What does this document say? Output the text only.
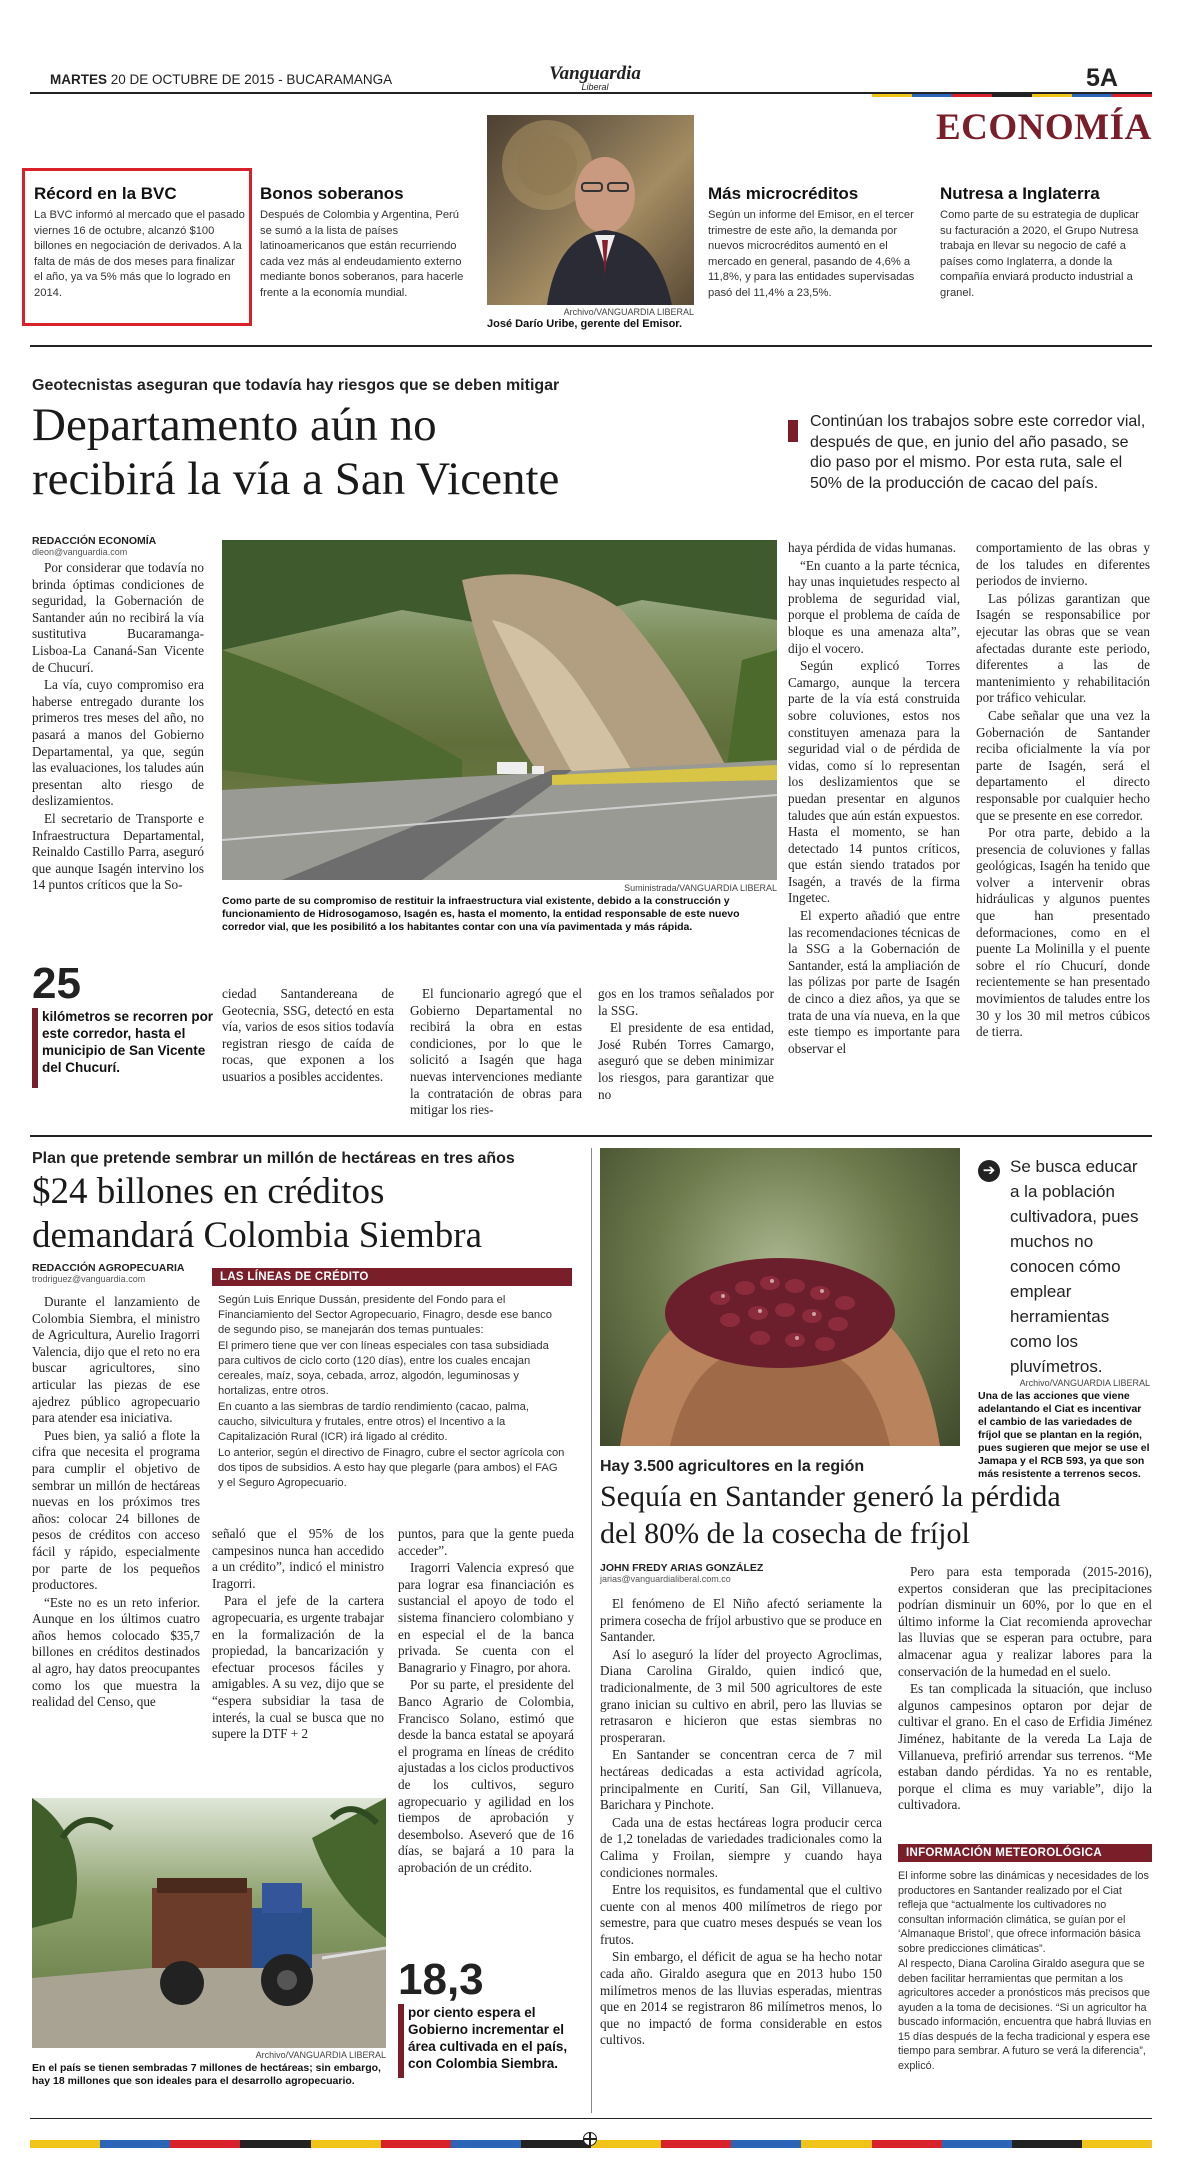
MARTES 20 DE OCTUBRE DE 2015 - BUCARAMANGA	Vanguardia
Liberal	5A
ECONOMÍA
Récord en la BVC

La BVC informó al mercado que el pasado viernes 16 de octubre, alcanzó $100 billones en negociación de derivados. A la falta de más de dos meses para finalizar el año, ya va 5% más que lo logrado en 2014.

Bonos soberanos

Después de Colombia y Argentina, Perú se sumó a la lista de países latinoamericanos que están recurriendo cada vez más al endeudamiento externo mediante bonos soberanos, para hacerle frente a la economía mundial.

Archivo/VANGUARDIA LIBERAL
José Darío Uribe, gerente del Emisor.
Más microcréditos

Según un informe del Emisor, en el tercer trimestre de este año, la demanda por nuevos microcréditos aumentó en el mercado en general, pasando de 4,6% a 11,8%, y para las entidades supervisadas pasó del 11,4% a 23,5%.

Nutresa a Inglaterra

Como parte de su estrategia de duplicar su facturación a 2020, el Grupo Nutresa trabaja en llevar su negocio de café a países como Inglaterra, a donde la compañía enviará producto industrial a granel.

Geotecnistas aseguran que todavía hay riesgos que se deben mitigar
Departamento aún no
recibirá la vía a San Vicente
Continúan los trabajos sobre este corredor vial, después de que, en junio del año pasado, se dio paso por el mismo. Por esta ruta, sale el 50% de la producción de cacao del país.
REDACCIÓN ECONOMÍA
dleon@vanguardia.com

Por considerar que todavía no brinda óptimas condiciones de seguridad, la Gobernación de Santander aún no recibirá la vía sustitutiva Bucaramanga-Lisboa-La Cananá-San Vicente de Chucurí.

La vía, cuyo compromiso era haberse entregado durante los primeros tres meses del año, no pasará a manos del Gobierno Departamental, ya que, según las evaluaciones, los taludes aún presentan alto riesgo de deslizamientos.

El secretario de Transporte e Infraestructura Departamental, Reinaldo Castillo Parra, aseguró que aunque Isagén intervino los 14 puntos críticos que la So-	Suministrada/VANGUARDIA LIBERAL
Como parte de su compromiso de restituir la infraestructura vial existente, debido a la construcción y funcionamiento de Hidrosogamoso, Isagén es, hasta el momento, la entidad responsable de este nuevo corredor vial, que les posibilitó a los habitantes contar con una vía pavimentada y más rápida.
25
kilómetros se recorren por este corredor, hasta el municipio de San Vicente del Chucurí.

ciedad Santandereana de Geotecnia, SSG, detectó en esta vía, varios de esos sitios todavía registran riesgo de caída de rocas, que exponen a los usuarios a posibles accidentes.

El funcionario agregó que el Gobierno Departamental no recibirá la obra en estas condiciones, por lo que le solicitó a Isagén que haga nuevas intervenciones mediante la contratación de obras para mitigar los ries-

gos en los tramos señalados por la SSG.

El presidente de esa entidad, José Rubén Torres Camargo, aseguró que se deben minimizar los riesgos, para garantizar que no

haya pérdida de vidas humanas.

“En cuanto a la parte técnica, hay unas inquietudes respecto al problema de seguridad vial, porque el problema de caída de bloque es una amenaza alta”, dijo el vocero.

Según explicó Torres Camargo, aunque la tercera parte de la vía está construida sobre coluviones, estos nos constituyen amenaza para la seguridad vial o de pérdida de vidas, como sí lo representan los deslizamientos que se puedan presentar en algunos taludes que aún están expuestos. Hasta el momento, se han detectado 14 puntos críticos, que están siendo tratados por Isagén, a través de la firma Ingetec.

El experto añadió que entre las recomendaciones técnicas de la SSG a la Gobernación de Santander, está la ampliación de las pólizas por parte de Isagén de cinco a diez años, ya que se trata de una vía nueva, en la que este tiempo es importante para observar el

comportamiento de las obras y de los taludes en diferentes periodos de invierno.

Las pólizas garantizan que Isagén se responsabilice por ejecutar las obras que se vean afectadas durante este periodo, diferentes a las de mantenimiento y rehabilitación por tráfico vehicular.

Cabe señalar que una vez la Gobernación de Santander reciba oficialmente la vía por parte de Isagén, será el departamento el directo responsable por cualquier hecho que se presente en ese corredor.

Por otra parte, debido a la presencia de coluviones y fallas geológicas, Isagén ha tenido que volver a intervenir obras hidráulicas y algunos puentes que han presentado deformaciones, como en el puente La Molinilla y el puente sobre el río Chucurí, donde recientemente se han presentado movimientos de taludes entre los 30 y los 30 mil metros cúbicos de tierra.

Plan que pretende sembrar un millón de hectáreas en tres años
$24 billones en créditos
demandará Colombia Siembra
REDACCIÓN AGROPECUARIA
trodriguez@vanguardia.com

Durante el lanzamiento de Colombia Siembra, el ministro de Agricultura, Aurelio Iragorri Valencia, dijo que el reto no era buscar agricultores, sino articular las piezas de ese ajedrez público agropecuario para atender esa iniciativa.

Pues bien, ya salió a flote la cifra que necesita el programa para cumplir el objetivo de sembrar un millón de hectáreas nuevas en los próximos tres años: colocar 24 billones de pesos de créditos con acceso fácil y rápido, especialmente por parte de los pequeños productores.

“Este no es un reto inferior. Aunque en los últimos cuatro años hemos colocado $35,7 billones en créditos destinados al agro, hay datos preocupantes como los que muestra la realidad del Censo, que

LAS LÍNEAS DE CRÉDITO

Según Luis Enrique Dussán, presidente del Fondo para el Financiamiento del Sector Agropecuario, Finagro, desde ese banco de segundo piso, se manejarán dos temas puntuales:

El primero tiene que ver con líneas especiales con tasa subsidiada para cultivos de ciclo corto (120 días), entre los cuales encajan cereales, maíz, soya, cebada, arroz, algodón, leguminosas y hortalizas, entre otros.

En cuanto a las siembras de tardío rendimiento (cacao, palma, caucho, silvicultura y frutales, entre otros) el Incentivo a la Capitalización Rural (ICR) irá ligado al crédito.

Lo anterior, según el directivo de Finagro, cubre el sector agrícola con dos tipos de subsidios. A esto hay que plegarle (para ambos) el FAG y el Seguro Agropecuario.

señaló que el 95% de los campesinos nunca han accedido a un crédito”, indicó el ministro Iragorri.

Para el jefe de la cartera agropecuaria, es urgente trabajar en la formalización de la propiedad, la bancarización y efectuar procesos fáciles y amigables. A su vez, dijo que se “espera subsidiar la tasa de interés, la cual se busca que no supere la DTF + 2

puntos, para que la gente pueda acceder”.

Iragorri Valencia expresó que para lograr esa financiación es sustancial el apoyo de todo el sistema financiero colombiano y en especial el de la banca privada. Se cuenta con el Banagrario y Finagro, por ahora.

Por su parte, el presidente del Banco Agrario de Colombia, Francisco Solano, estimó que desde la banca estatal se apoyará el programa en líneas de crédito ajustadas a los ciclos productivos de los cultivos, seguro agropecuario y agilidad en los tiempos de aprobación y desembolso. Aseveró que de 16 días, se bajará a 10 para la aprobación de un crédito.

Archivo/VANGUARDIA LIBERAL
En el país se tienen sembradas 7 millones de hectáreas; sin embargo, hay 18 millones que son ideales para el desarrollo agropecuario.
18,3
por ciento espera el Gobierno incrementar el área cultivada en el país, con Colombia Siembra.
➔ Se busca educar a la población cultivadora, pues muchos no conocen cómo emplear herramientas como los pluvímetros.
Archivo/VANGUARDIA LIBERAL
Una de las acciones que viene adelantando el Ciat es incentivar el cambio de las variedades de fríjol que se plantan en la región, pues sugieren que mejor se use el Jamapa y el RCB 593, ya que son más resistente a terrenos secos.
Hay 3.500 agricultores en la región
Sequía en Santander generó la pérdida
del 80% de la cosecha de fríjol
JOHN FREDY ARIAS GONZÁLEZ
jarias@vanguardialiberal.com.co

El fenómeno de El Niño afectó seriamente la primera cosecha de fríjol arbustivo que se produce en Santander.

Así lo aseguró la líder del proyecto Agroclimas, Diana Carolina Giraldo, quien indicó que, tradicionalmente, de 3 mil 500 agricultores de este grano inician su cultivo en abril, pero las lluvias se retrasaron e hicieron que estas siembras no prosperaran.

En Santander se concentran cerca de 7 mil hectáreas dedicadas a esta actividad agrícola, principalmente en Curití, San Gil, Villanueva, Barichara y Pinchote.

Cada una de estas hectáreas logra producir cerca de 1,2 toneladas de variedades tradicionales como la Calima y Froilan, siempre y cuando haya condiciones normales.

Entre los requisitos, es fundamental que el cultivo cuente con al menos 400 milímetros de riego por semestre, para que cuatro meses después se vean los frutos.

Sin embargo, el déficit de agua se ha hecho notar cada año. Giraldo asegura que en 2013 hubo 150 milímetros menos de las lluvias esperadas, mientras que en 2014 se registraron 86 milímetros menos, lo que no impactó de forma considerable en estos cultivos.

Pero para esta temporada (2015-2016), expertos consideran que las precipitaciones podrían disminuir un 60%, por lo que en el último informe la Ciat recomienda aprovechar las lluvias que se esperan para octubre, para almacenar agua y realizar labores para la conservación de la humedad en el suelo.

Es tan complicada la situación, que incluso algunos campesinos optaron por dejar de cultivar el grano. En el caso de Erfidia Jiménez Jiménez, habitante de la vereda La Laja de Villanueva, prefirió arrendar sus terrenos. “Me estaban dando pérdidas. Ya no es rentable, porque el clima es muy variable”, dijo la cultivadora.

INFORMACIÓN METEOROLÓGICA

El informe sobre las dinámicas y necesidades de los productores en Santander realizado por el Ciat refleja que “actualmente los cultivadores no consultan información climática, se guían por el ‘Almanaque Bristol’, que ofrece información básica sobre predicciones climáticas”.

Al respecto, Diana Carolina Giraldo asegura que se deben facilitar herramientas que permitan a los agricultores acceder a pronósticos más precisos que ayuden a la toma de decisiones. “Si un agricultor ha buscado información, encuentra que habrá lluvias en 15 días después de la fecha tradicional y espera ese tiempo para sembrar. A futuro se verá la diferencia”, explicó.
